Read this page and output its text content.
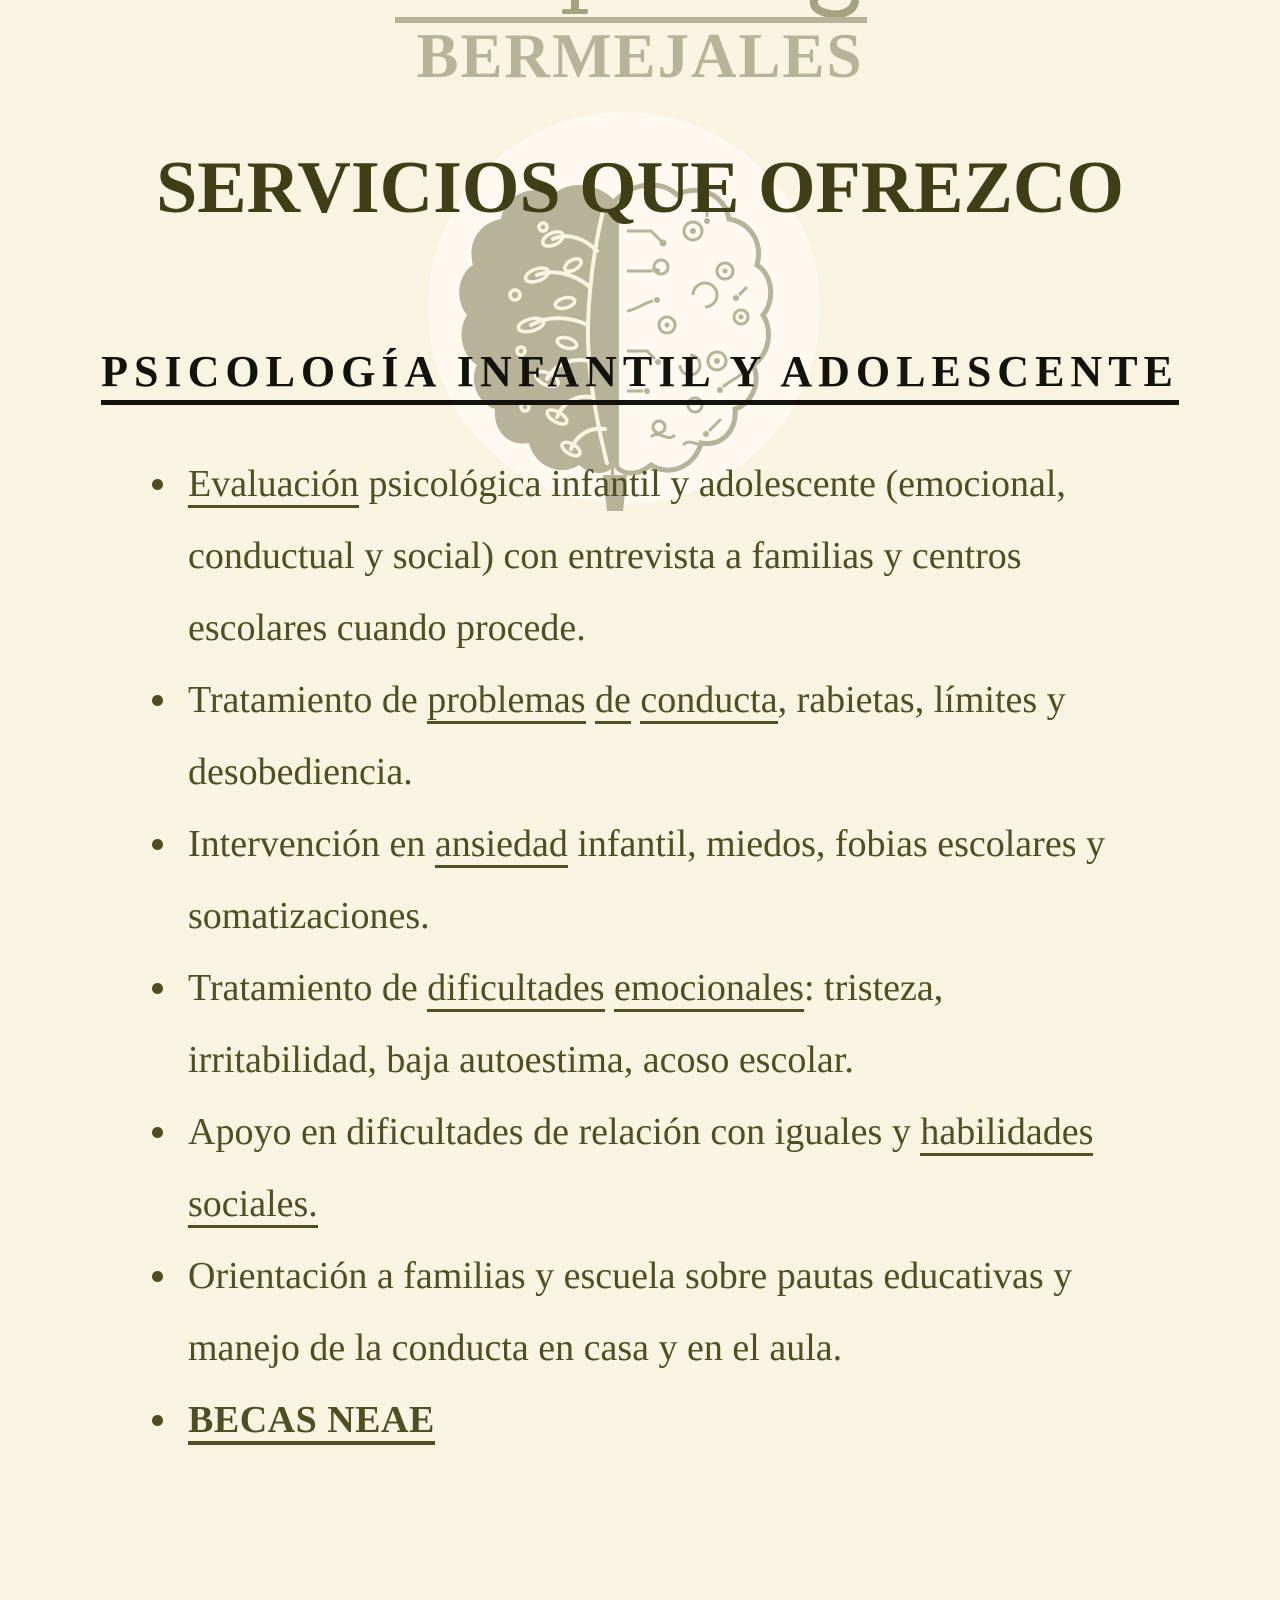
BERMEJALES
SERVICIOS QUE OFREZCO
PSICOLOGÍA INFANTIL Y ADOLESCENTE
Evaluación psicológica infantil y adolescente (emocional, conductual y social) con entrevista a familias y centros escolares cuando procede.
Tratamiento de problemas de conducta, rabietas, límites y desobediencia.
Intervención en ansiedad infantil, miedos, fobias escolares y somatizaciones.
Tratamiento de dificultades emocionales: tristeza, irritabilidad, baja autoestima, acoso escolar.
Apoyo en dificultades de relación con iguales y habilidades sociales.
Orientación a familias y escuela sobre pautas educativas y manejo de la conducta en casa y en el aula.
BECAS NEAE
